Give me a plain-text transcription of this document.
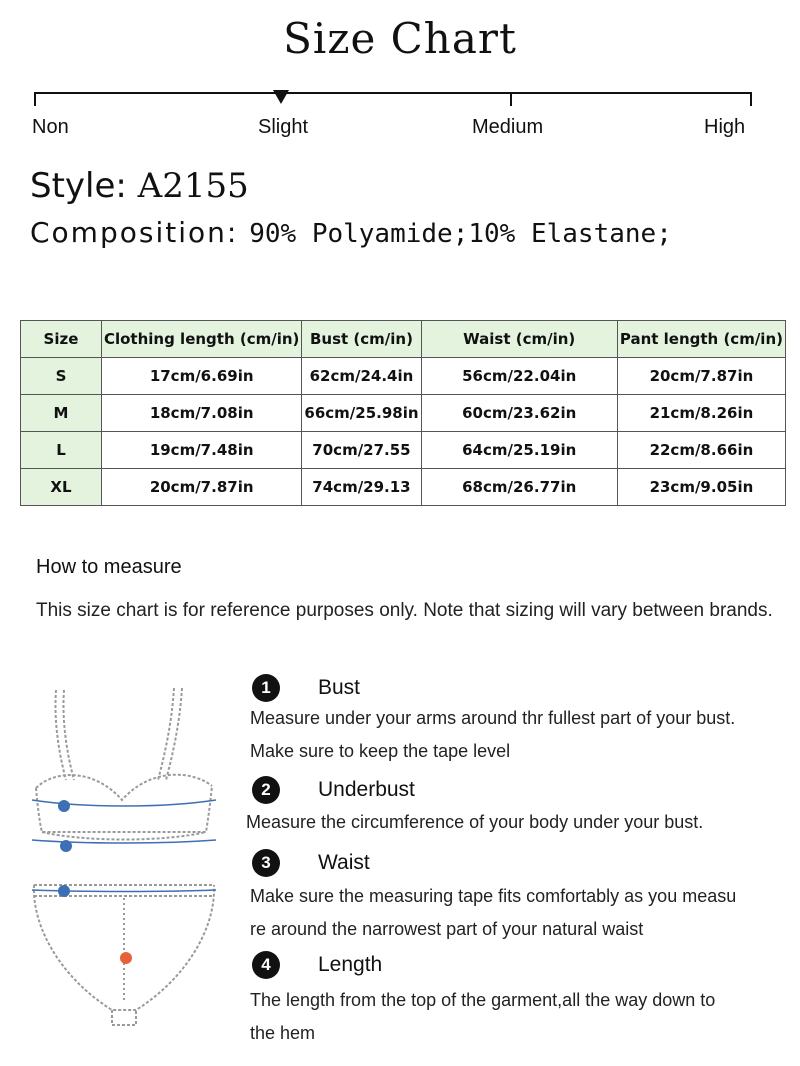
Size Chart
Non	Slight	Medium	High
Style: A2155
Composition: 90% Polyamide;10% Elastane;
Size	Clothing length (cm/in)	Bust (cm/in)	Waist (cm/in)	Pant length (cm/in)
S	17cm/6.69in	62cm/24.4in	56cm/22.04in	20cm/7.87in
M	18cm/7.08in	66cm/25.98in	60cm/23.62in	21cm/8.26in
L	19cm/7.48in	70cm/27.55	64cm/25.19in	22cm/8.66in
XL	20cm/7.87in	74cm/29.13	68cm/26.77in	23cm/9.05in
How to measure
This size chart is for reference purposes only. Note that sizing will vary between brands.
1	Bust
Measure under your arms around thr fullest part of your bust.
Make sure to keep the tape level
2	Underbust
Measure the circumference of your body under your bust.
3	Waist
Make sure the measuring tape fits comfortably as you measu
re around the narrowest part of your natural waist
4	Length
The length from the top of the garment,all the way down to
the hem
